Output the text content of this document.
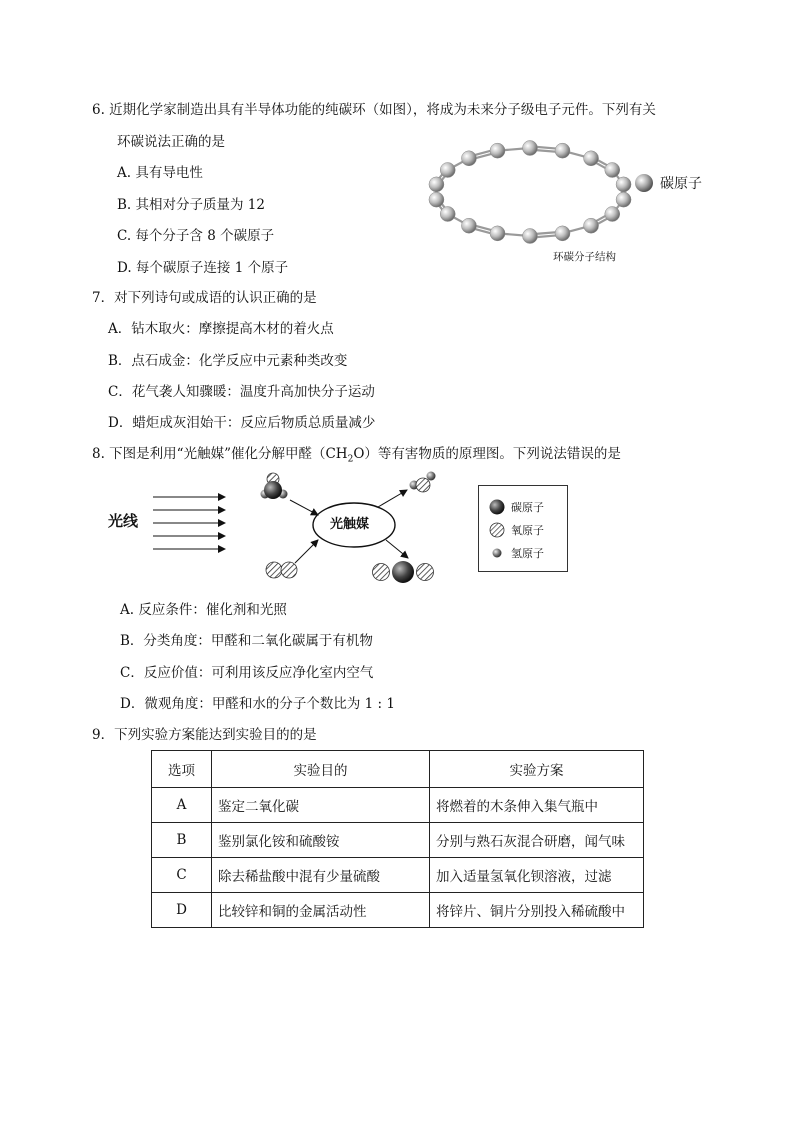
6. 近期化学家制造出具有半导体功能的纯碳环（如图），将成为未来分子级电子元件。下列有关
环碳说法正确的是
A. 具有导电性
B. 其相对分子质量为 12
C. 每个分子含 8 个碳原子
D. 每个碳原子连接 1 个原子
碳原子
环碳分子结构
7．对下列诗句或成语的认识正确的是
A．钻木取火：摩擦提高木材的着火点
B．点石成金：化学反应中元素种类改变
C．花气袭人知骤暖：温度升高加快分子运动
D．蜡炬成灰泪始干：反应后物质总质量减少
8. 下图是利用“光触媒”催化分解甲醛$(CH_2O)$等有害物质的原理图。下列说法错误的是
光线	光触媒
碳原子
氧原子
氢原子
A. 反应条件：催化剂和光照
B．分类角度：甲醛和二氧化碳属于有机物
C．反应价值：可利用该反应净化室内空气
D．微观角度：甲醛和水的分子个数比为 1 : 1
9．下列实验方案能达到实验目的的是
选项	实验目的	实验方案
A	鉴定二氧化碳	将燃着的木条伸入集气瓶中
B	鉴别氯化铵和硫酸铵	分别与熟石灰混合研磨，闻气味
C	除去稀盐酸中混有少量硫酸	加入适量氢氧化钡溶液，过滤
D	比较锌和铜的金属活动性	将锌片、铜片分别投入稀硫酸中
